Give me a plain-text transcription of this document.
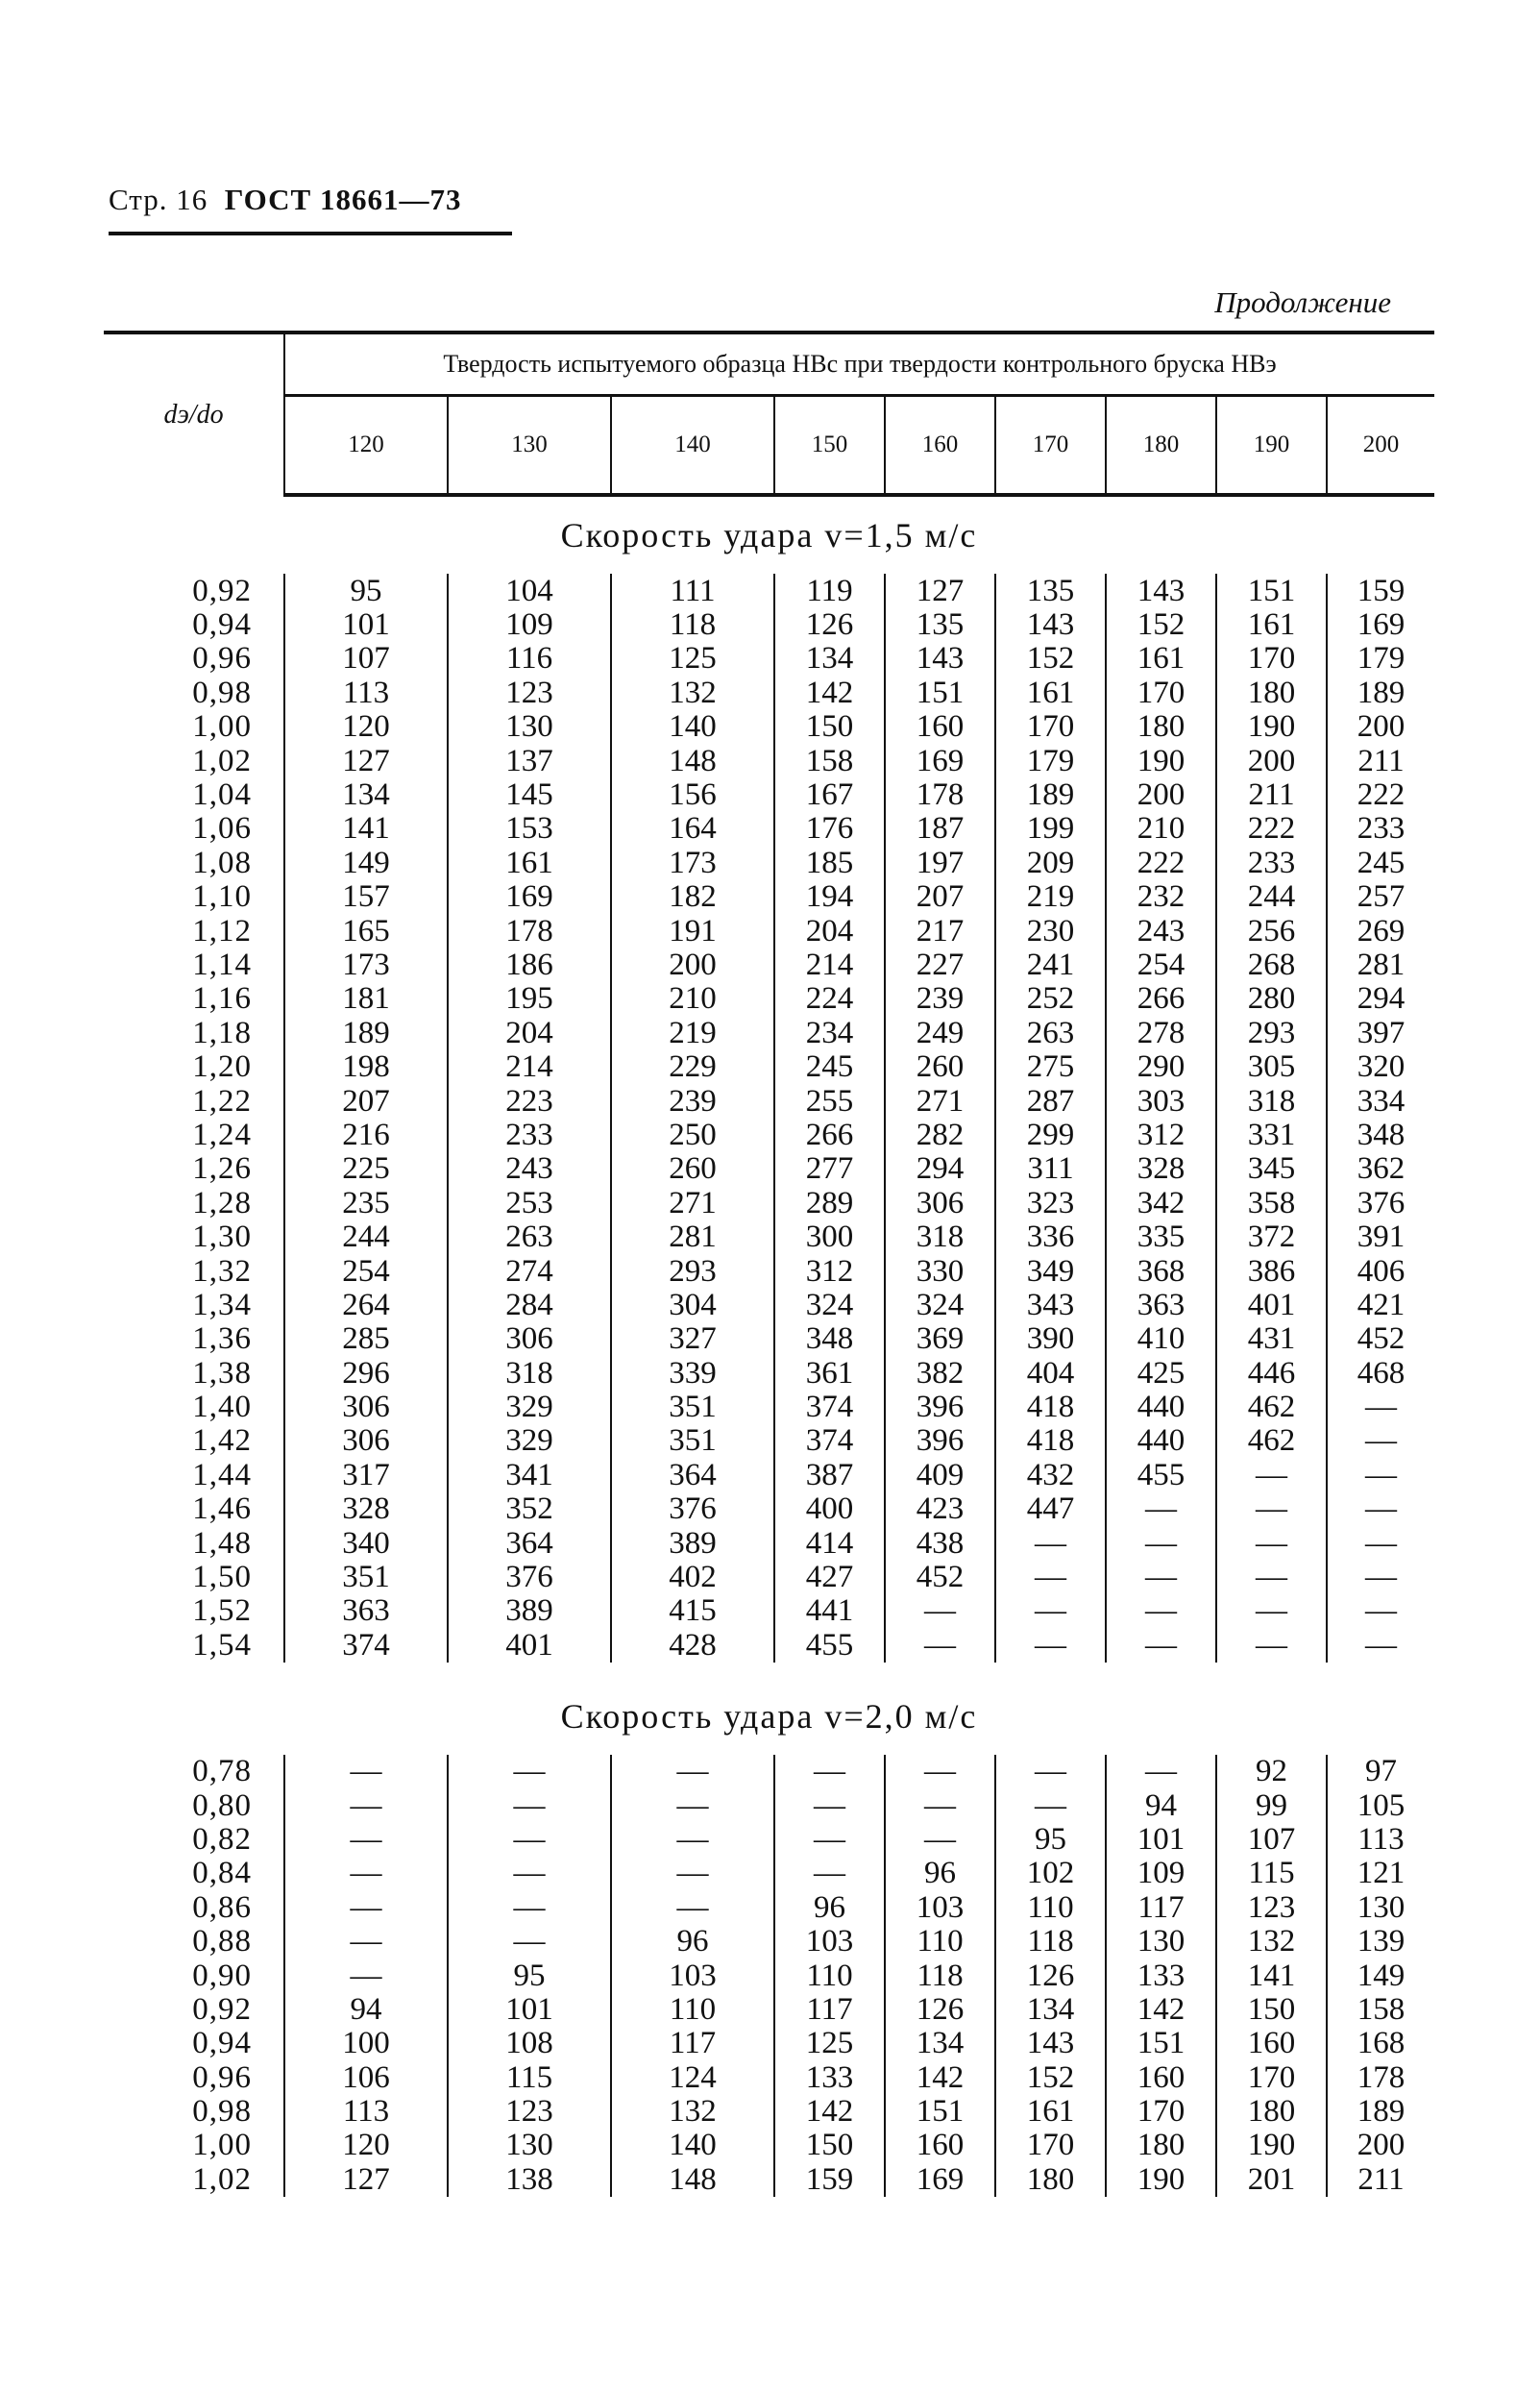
Стр. 16 ГОСТ 18661—73
Продолжение
dэ/dо	Твердость испытуемого образца HBс при твердости контрольного бруска HBэ								
	120	130	140	150	160	170	180	190	200
Скорость удара v=1,5 м/с									
0,92	95	104	111	119	127	135	143	151	159
0,94	101	109	118	126	135	143	152	161	169
0,96	107	116	125	134	143	152	161	170	179
0,98	113	123	132	142	151	161	170	180	189
1,00	120	130	140	150	160	170	180	190	200
1,02	127	137	148	158	169	179	190	200	211
1,04	134	145	156	167	178	189	200	211	222
1,06	141	153	164	176	187	199	210	222	233
1,08	149	161	173	185	197	209	222	233	245
1,10	157	169	182	194	207	219	232	244	257
1,12	165	178	191	204	217	230	243	256	269
1,14	173	186	200	214	227	241	254	268	281
1,16	181	195	210	224	239	252	266	280	294
1,18	189	204	219	234	249	263	278	293	397
1,20	198	214	229	245	260	275	290	305	320
1,22	207	223	239	255	271	287	303	318	334
1,24	216	233	250	266	282	299	312	331	348
1,26	225	243	260	277	294	311	328	345	362
1,28	235	253	271	289	306	323	342	358	376
1,30	244	263	281	300	318	336	335	372	391
1,32	254	274	293	312	330	349	368	386	406
1,34	264	284	304	324	324	343	363	401	421
1,36	285	306	327	348	369	390	410	431	452
1,38	296	318	339	361	382	404	425	446	468
1,40	306	329	351	374	396	418	440	462	—
1,42	306	329	351	374	396	418	440	462	—
1,44	317	341	364	387	409	432	455	—	—
1,46	328	352	376	400	423	447	—	—	—
1,48	340	364	389	414	438	—	—	—	—
1,50	351	376	402	427	452	—	—	—	—
1,52	363	389	415	441	—	—	—	—	—
1,54	374	401	428	455	—	—	—	—	—

Скорость удара v=2,0 м/с									
0,78	—	—	—	—	—	—	—	92	97
0,80	—	—	—	—	—	—	94	99	105
0,82	—	—	—	—	—	95	101	107	113
0,84	—	—	—	—	96	102	109	115	121
0,86	—	—	—	96	103	110	117	123	130
0,88	—	—	96	103	110	118	130	132	139
0,90	—	95	103	110	118	126	133	141	149
0,92	94	101	110	117	126	134	142	150	158
0,94	100	108	117	125	134	143	151	160	168
0,96	106	115	124	133	142	152	160	170	178
0,98	113	123	132	142	151	161	170	180	189
1,00	120	130	140	150	160	170	180	190	200
1,02	127	138	148	159	169	180	190	201	211
